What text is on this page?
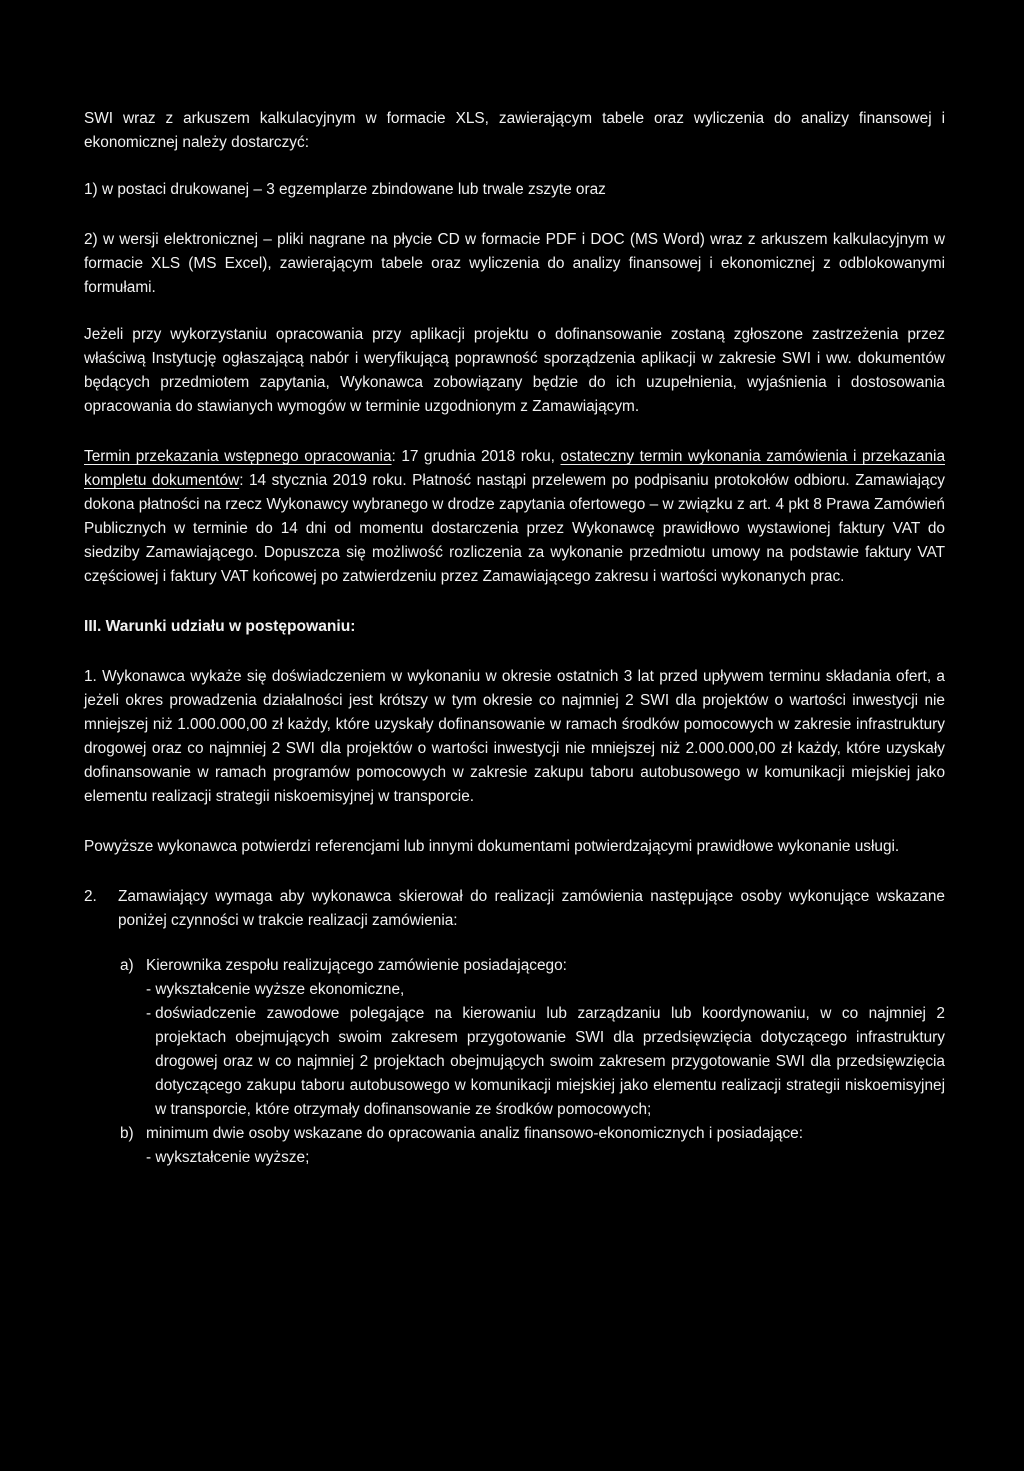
SWI wraz z arkuszem kalkulacyjnym w formacie XLS, zawierającym tabele oraz wyliczenia do analizy finansowej i ekonomicznej należy dostarczyć:

1) w postaci drukowanej – 3 egzemplarze zbindowane lub trwale zszyte oraz

2) w wersji elektronicznej – pliki nagrane na płycie CD w formacie PDF i DOC (MS Word) wraz z arkuszem kalkulacyjnym w formacie XLS (MS Excel), zawierającym tabele oraz wyliczenia do analizy finansowej i ekonomicznej z odblokowanymi formułami.

Jeżeli przy wykorzystaniu opracowania przy aplikacji projektu o dofinansowanie zostaną zgłoszone zastrzeżenia przez właściwą Instytucję ogłaszającą nabór i weryfikującą poprawność sporządzenia aplikacji w zakresie SWI i ww. dokumentów będących przedmiotem zapytania, Wykonawca zobowiązany będzie do ich uzupełnienia, wyjaśnienia i dostosowania opracowania do stawianych wymogów w terminie uzgodnionym z Zamawiającym.

Termin przekazania wstępnego opracowania: 17 grudnia 2018 roku, ostateczny termin wykonania zamówienia i przekazania kompletu dokumentów: 14 stycznia 2019 roku. Płatność nastąpi przelewem po podpisaniu protokołów odbioru. Zamawiający dokona płatności na rzecz Wykonawcy wybranego w drodze zapytania ofertowego – w związku z art. 4 pkt 8 Prawa Zamówień Publicznych w terminie do 14 dni od momentu dostarczenia przez Wykonawcę prawidłowo wystawionej faktury VAT do siedziby Zamawiającego. Dopuszcza się możliwość rozliczenia za wykonanie przedmiotu umowy na podstawie faktury VAT częściowej i faktury VAT końcowej po zatwierdzeniu przez Zamawiającego zakresu i wartości wykonanych prac.

III. Warunki udziału w postępowaniu:

1. Wykonawca wykaże się doświadczeniem w wykonaniu w okresie ostatnich 3 lat przed upływem terminu składania ofert, a jeżeli okres prowadzenia działalności jest krótszy w tym okresie co najmniej 2 SWI dla projektów o wartości inwestycji nie mniejszej niż 1.000.000,00 zł każdy, które uzyskały dofinansowanie w ramach środków pomocowych w zakresie infrastruktury drogowej oraz co najmniej 2 SWI dla projektów o wartości inwestycji nie mniejszej niż 2.000.000,00 zł każdy, które uzyskały dofinansowanie w ramach programów pomocowych w zakresie zakupu taboru autobusowego w komunikacji miejskiej jako elementu realizacji strategii niskoemisyjnej w transporcie.

Powyższe wykonawca potwierdzi referencjami lub innymi dokumentami potwierdzającymi prawidłowe wykonanie usługi.

2.	Zamawiający wymaga aby wykonawca skierował do realizacji zamówienia następujące osoby wykonujące wskazane poniżej czynności w trakcie realizacji zamówienia:
a) Kierownika zespołu realizującego zamówienie posiadającego:
- wykształcenie wyższe ekonomiczne,
- doświadczenie zawodowe polegające na kierowaniu lub zarządzaniu lub koordynowaniu, w co najmniej 2 projektach obejmujących swoim zakresem przygotowanie SWI dla przedsięwzięcia dotyczącego infrastruktury drogowej oraz w co najmniej 2 projektach obejmujących swoim zakresem przygotowanie SWI dla przedsięwzięcia dotyczącego zakupu taboru autobusowego w komunikacji miejskiej jako elementu realizacji strategii niskoemisyjnej w transporcie, które otrzymały dofinansowanie ze środków pomocowych;
b) minimum dwie osoby wskazane do opracowania analiz finansowo-ekonomicznych i posiadające:
- wykształcenie wyższe;
